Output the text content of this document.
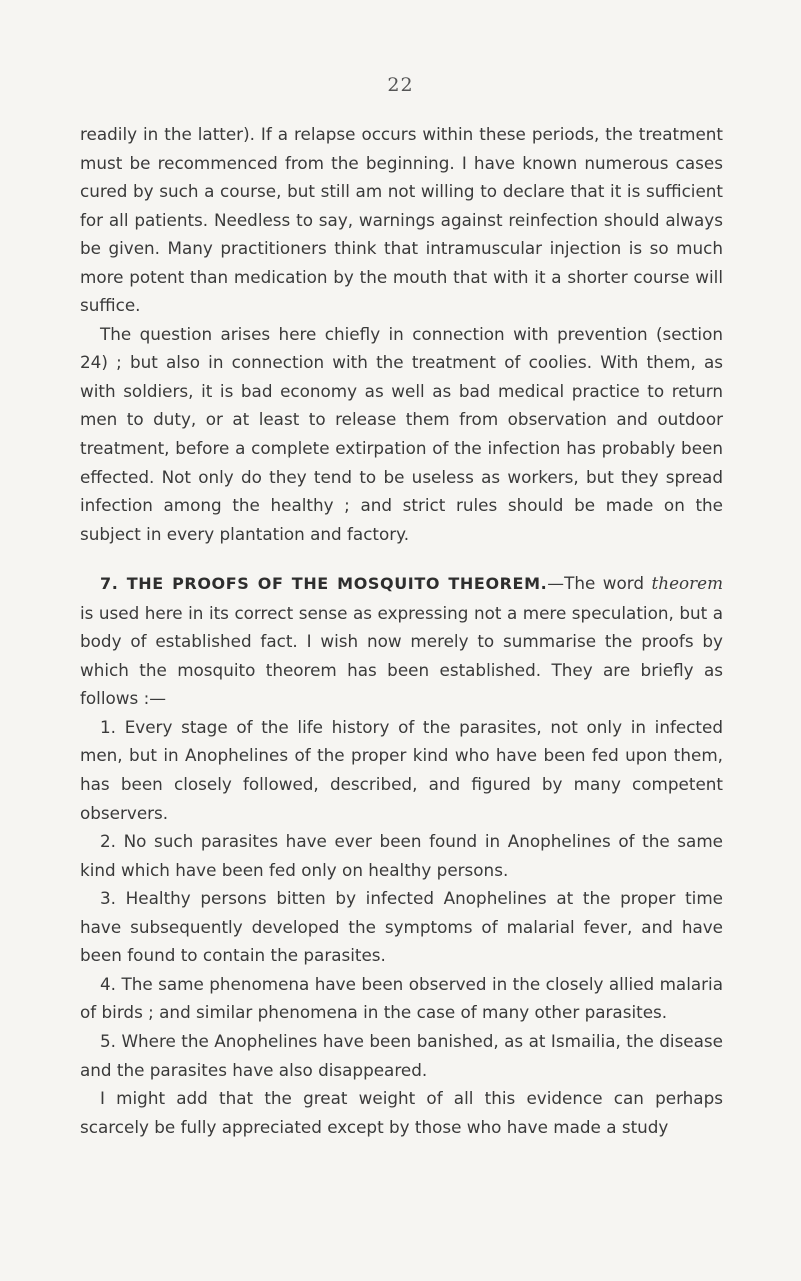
22

readily in the latter). If a relapse occurs within these periods, the treatment must be recommenced from the beginning. I have known numerous cases cured by such a course, but still am not willing to declare that it is sufficient for all patients. Needless to say, warnings against reinfection should always be given. Many practitioners think that intramuscular injection is so much more potent than medication by the mouth that with it a shorter course will suffice.

The question arises here chiefly in connection with prevention (section 24) ; but also in connection with the treatment of coolies. With them, as with soldiers, it is bad economy as well as bad medical practice to return men to duty, or at least to release them from observation and outdoor treatment, before a complete extirpation of the infection has probably been effected. Not only do they tend to be useless as workers, but they spread infection among the healthy ; and strict rules should be made on the subject in every plantation and factory.

7. THE PROOFS OF THE MOSQUITO THEOREM.—The word theorem is used here in its correct sense as expressing not a mere speculation, but a body of established fact. I wish now merely to summarise the proofs by which the mosquito theorem has been established. They are briefly as follows :—

1. Every stage of the life history of the parasites, not only in infected men, but in Anophelines of the proper kind who have been fed upon them, has been closely followed, described, and figured by many competent observers.

2. No such parasites have ever been found in Anophelines of the same kind which have been fed only on healthy persons.

3. Healthy persons bitten by infected Anophelines at the proper time have subsequently developed the symptoms of malarial fever, and have been found to contain the parasites.

4. The same phenomena have been observed in the closely allied malaria of birds ; and similar phenomena in the case of many other parasites.

5. Where the Anophelines have been banished, as at Ismailia, the disease and the parasites have also disappeared.

I might add that the great weight of all this evidence can perhaps scarcely be fully appreciated except by those who have made a study
